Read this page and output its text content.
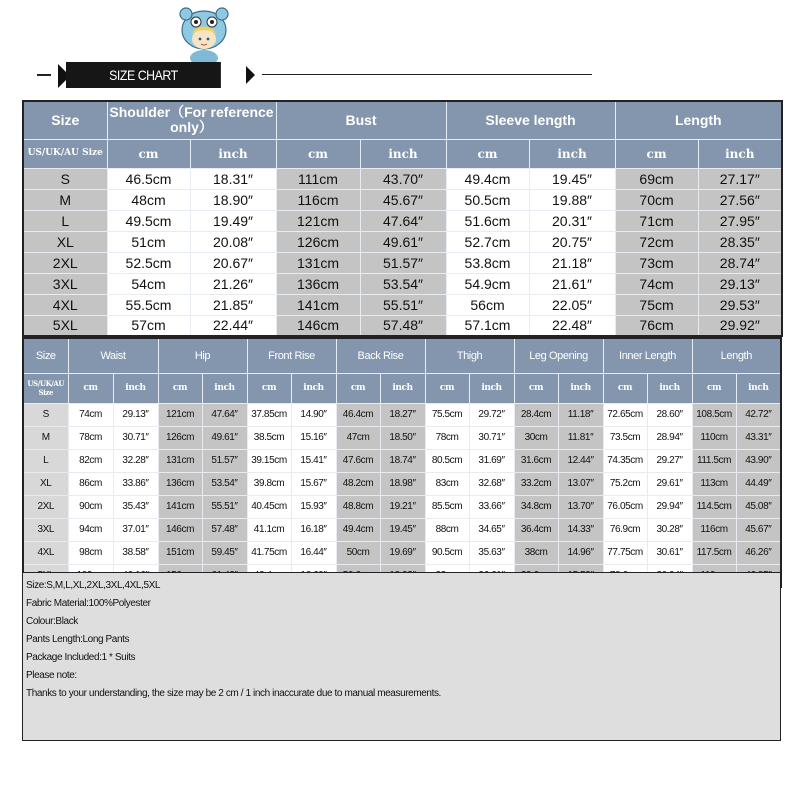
SIZE CHART
Size	Shoulder（For reference only）		Bust		Sleeve length		Length	
US/UK/AU Size	cm	inch	cm	inch	cm	inch	cm	inch
S	46.5cm	18.31″	111cm	43.70″	49.4cm	19.45″	69cm	27.17″
M	48cm	18.90″	116cm	45.67″	50.5cm	19.88″	70cm	27.56″
L	49.5cm	19.49″	121cm	47.64″	51.6cm	20.31″	71cm	27.95″
XL	51cm	20.08″	126cm	49.61″	52.7cm	20.75″	72cm	28.35″
2XL	52.5cm	20.67″	131cm	51.57″	53.8cm	21.18″	73cm	28.74″
3XL	54cm	21.26″	136cm	53.54″	54.9cm	21.61″	74cm	29.13″
4XL	55.5cm	21.85″	141cm	55.51″	56cm	22.05″	75cm	29.53″
5XL	57cm	22.44″	146cm	57.48″	57.1cm	22.48″	76cm	29.92″
Size	Waist		Hip		Front Rise		Back Rise		Thigh		Leg Opening		Inner Length		Length	
US/UK/AU Size	cm	inch	cm	inch	cm	inch	cm	inch	cm	inch	cm	inch	cm	inch	cm	inch
S	74cm	29.13″	121cm	47.64″	37.85cm	14.90″	46.4cm	18.27″	75.5cm	29.72″	28.4cm	11.18″	72.65cm	28.60″	108.5cm	42.72″
M	78cm	30.71″	126cm	49.61″	38.5cm	15.16″	47cm	18.50″	78cm	30.71″	30cm	11.81″	73.5cm	28.94″	110cm	43.31″
L	82cm	32.28″	131cm	51.57″	39.15cm	15.41″	47.6cm	18.74″	80.5cm	31.69″	31.6cm	12.44″	74.35cm	29.27″	111.5cm	43.90″
XL	86cm	33.86″	136cm	53.54″	39.8cm	15.67″	48.2cm	18.98″	83cm	32.68″	33.2cm	13.07″	75.2cm	29.61″	113cm	44.49″
2XL	90cm	35.43″	141cm	55.51″	40.45cm	15.93″	48.8cm	19.21″	85.5cm	33.66″	34.8cm	13.70″	76.05cm	29.94″	114.5cm	45.08″
3XL	94cm	37.01″	146cm	57.48″	41.1cm	16.18″	49.4cm	19.45″	88cm	34.65″	36.4cm	14.33″	76.9cm	30.28″	116cm	45.67″
4XL	98cm	38.58″	151cm	59.45″	41.75cm	16.44″	50cm	19.69″	90.5cm	35.63″	38cm	14.96″	77.75cm	30.61″	117.5cm	46.26″

Size:S,M,L,XL,2XL,3XL,4XL,5XL
Fabric Material:100%Polyester
Colour:Black
Pants Length:Long Pants
Package Included:1 * Suits
Please note:
Thanks to your understanding, the size may be 2 cm / 1 inch inaccurate due to manual measurements.
